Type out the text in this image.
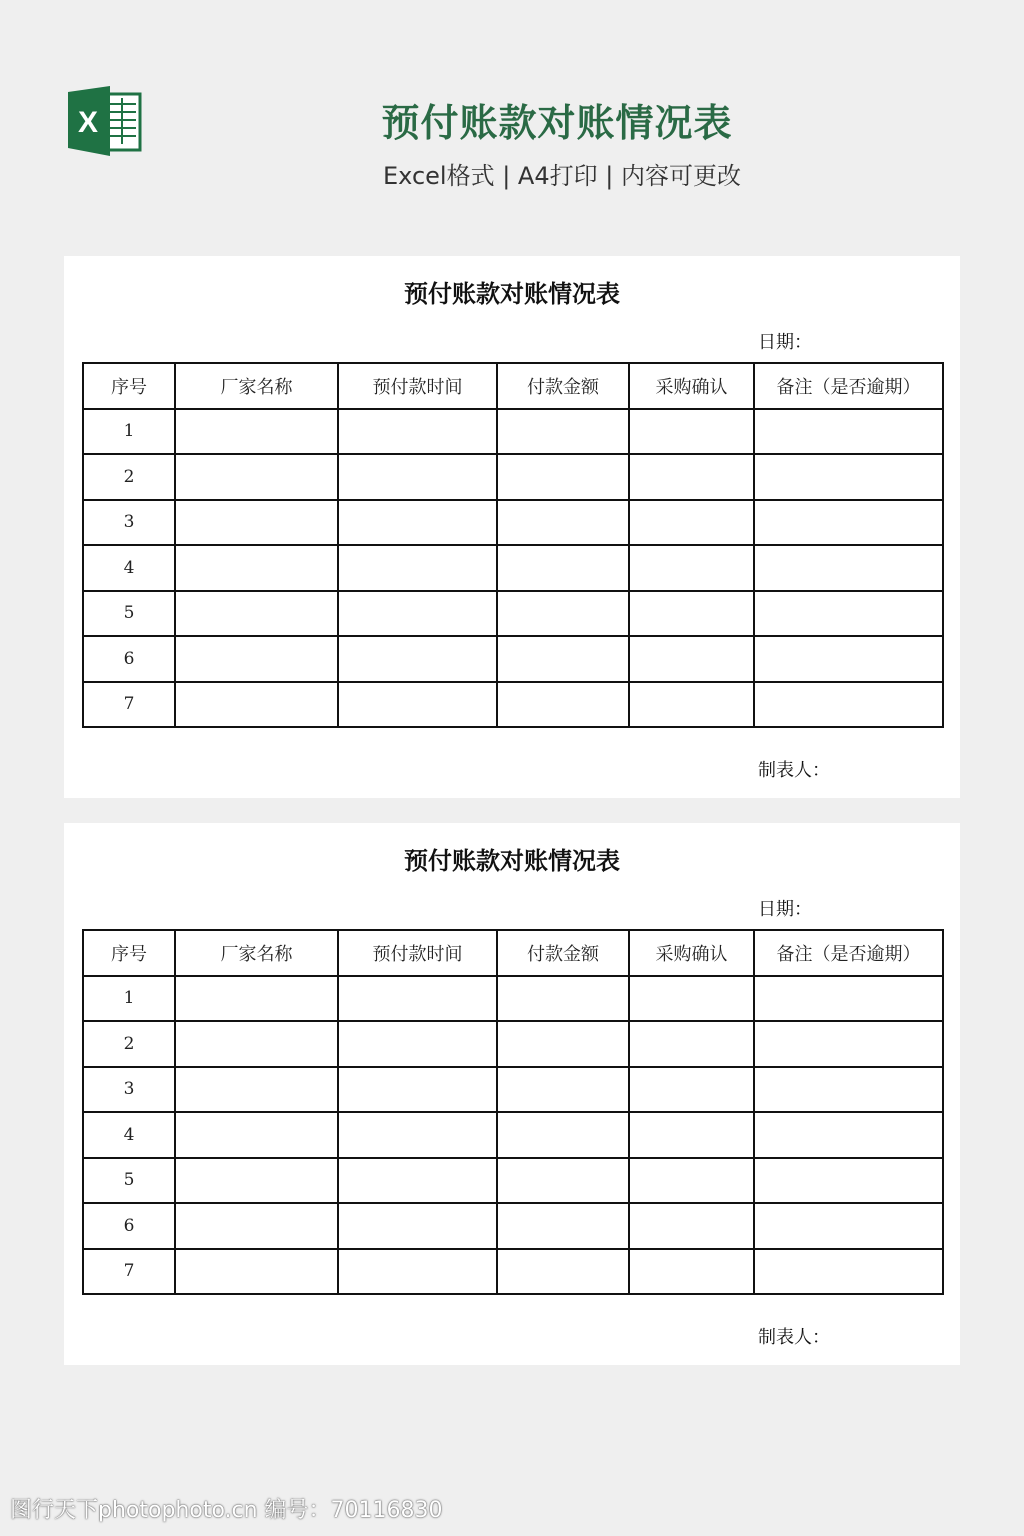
X	预付账款对账情况表
Excel格式 | A4打印 | 内容可更改
预付账款对账情况表
日期：
序号	厂家名称	预付款时间	付款金额	采购确认	备注（是否逾期）
1					
2					
3					
4					
5					
6					
7					
制表人：
预付账款对账情况表
日期：
序号	厂家名称	预付款时间	付款金额	采购确认	备注（是否逾期）
1					
2					
3					
4					
5					
6					
7					
制表人：
图行天下photophoto.cn 编号：70116830
